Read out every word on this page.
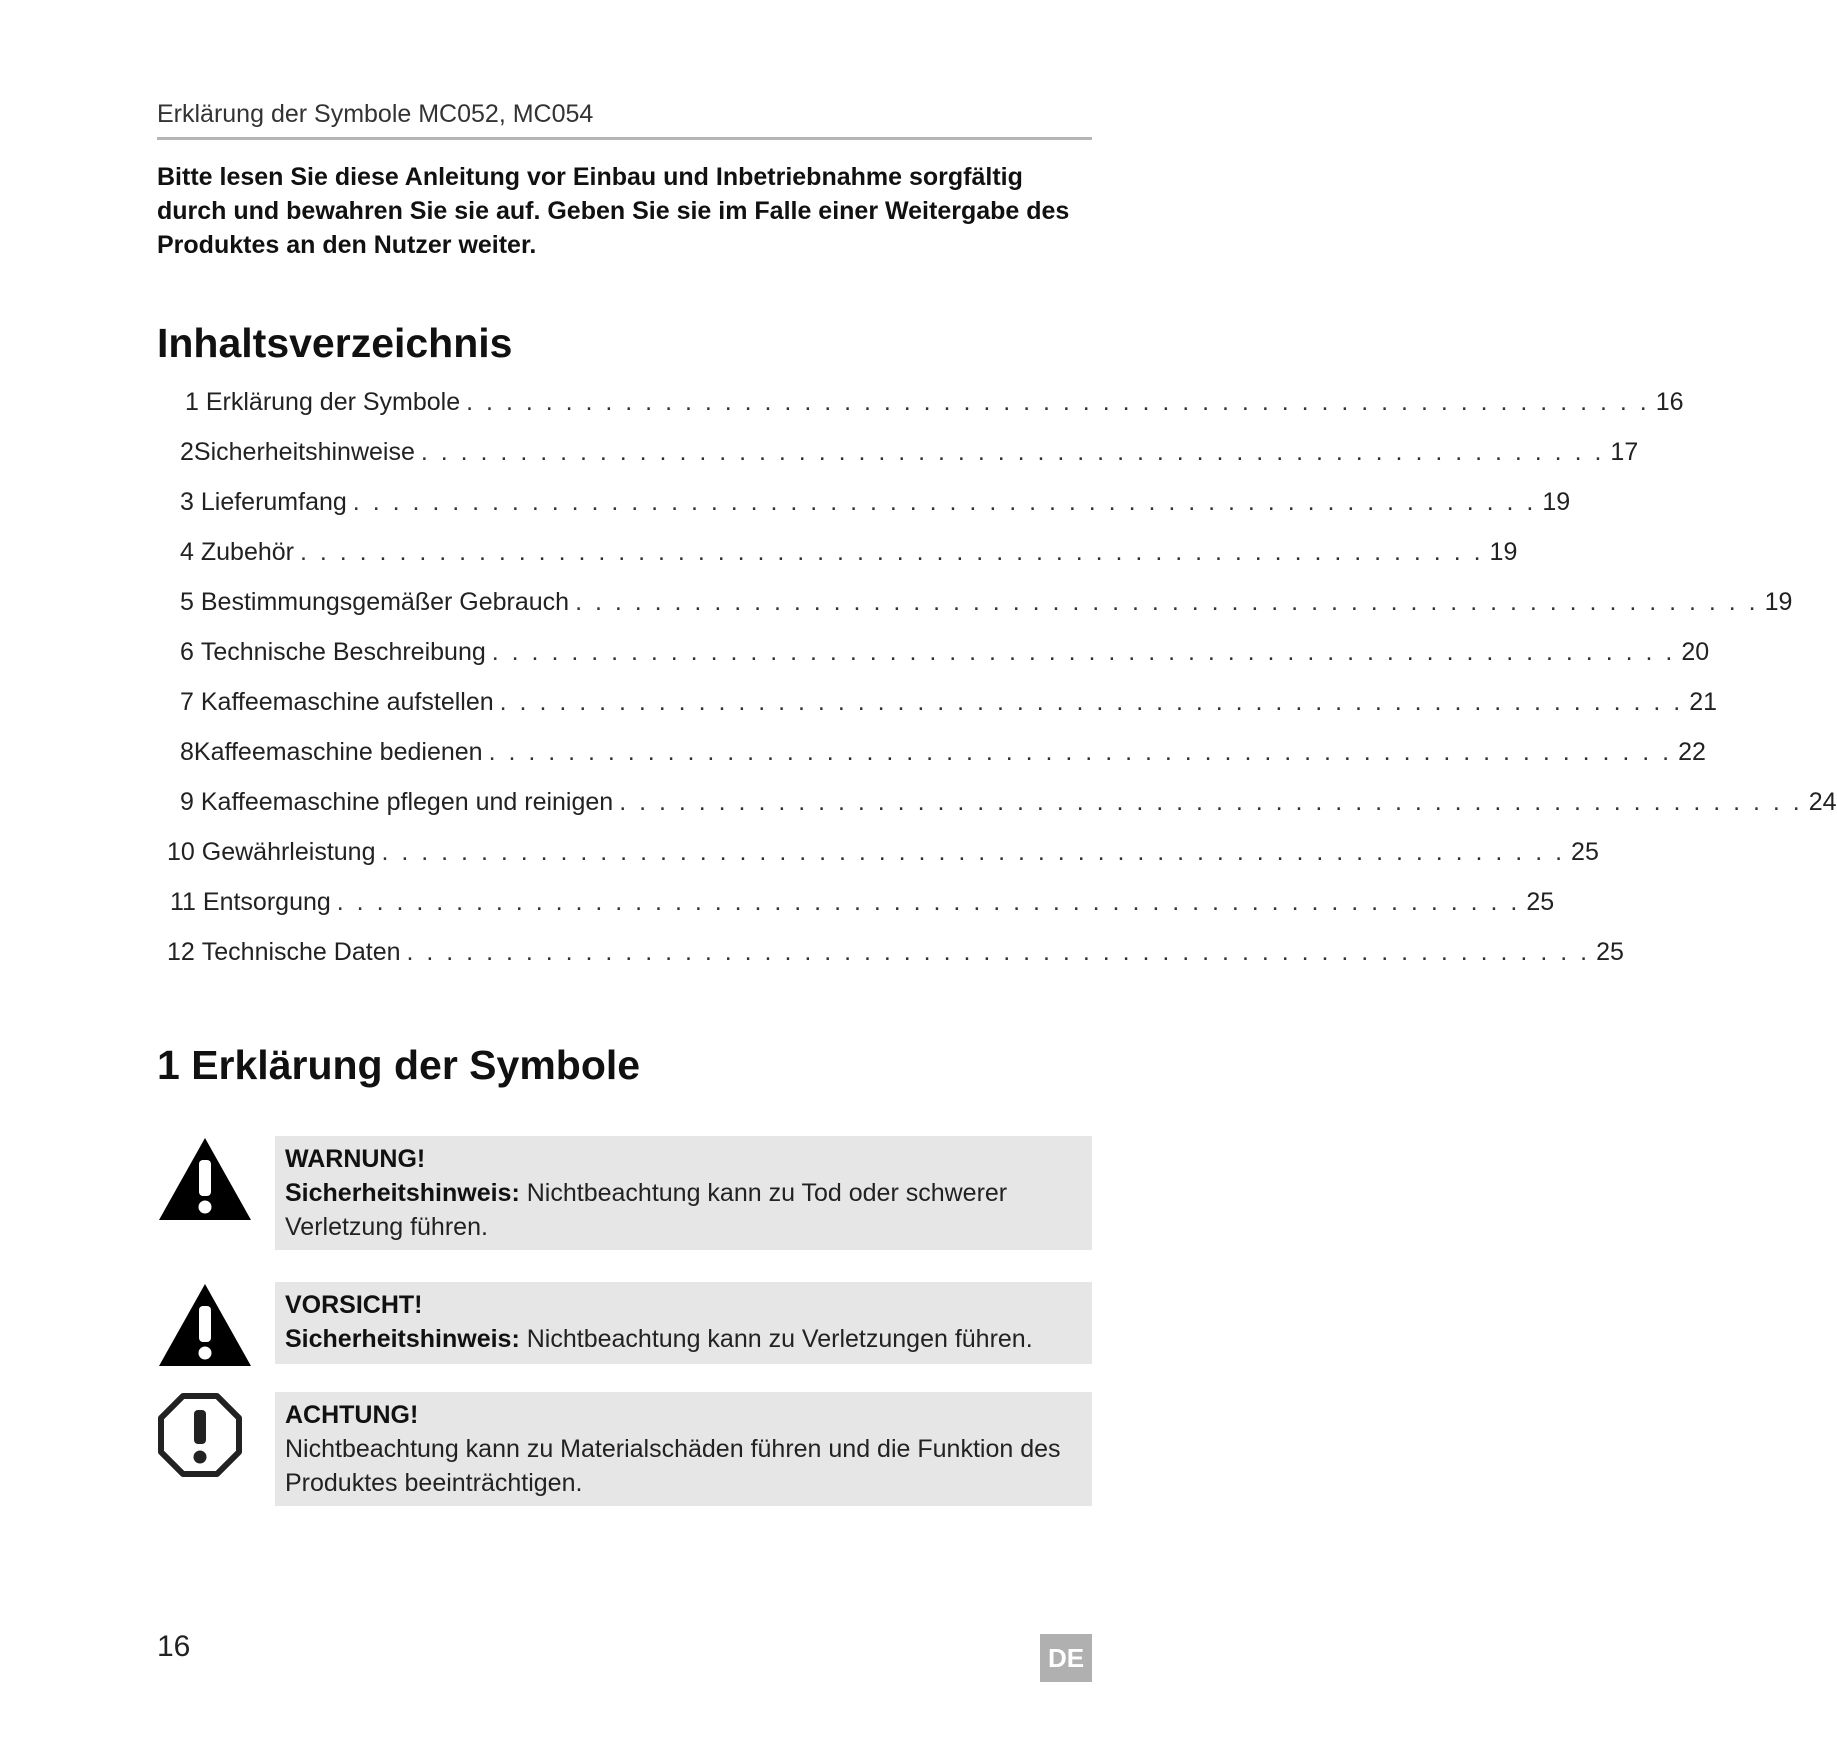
Erklärung der Symbole MC052, MC054
Bitte lesen Sie diese Anleitung vor Einbau und Inbetriebnahme sorgfältig durch und bewahren Sie sie auf. Geben Sie sie im Falle einer Weitergabe des Produktes an den Nutzer weiter.
Inhaltsverzeichnis
1
Erklärung der Symbole . . . . . . . . . . . . . . . . . . . . . . . . . . . . . . . . . . . . . . . . . . . . . . . . . . . . . . . . . . . . 16
2 Sicherheitshinweise . . . . . . . . . . . . . . . . . . . . . . . . . . . . . . . . . . . . . . . . . . . . . . . . . . . . . . . . . . . . 17
3
Lieferumfang . . . . . . . . . . . . . . . . . . . . . . . . . . . . . . . . . . . . . . . . . . . . . . . . . . . . . . . . . . . . 19
4
Zubehör . . . . . . . . . . . . . . . . . . . . . . . . . . . . . . . . . . . . . . . . . . . . . . . . . . . . . . . . . . . . 19
5
Bestimmungsgemäßer Gebrauch . . . . . . . . . . . . . . . . . . . . . . . . . . . . . . . . . . . . . . . . . . . . . . . . . . . . . . . . . . . . 19
6
Technische Beschreibung . . . . . . . . . . . . . . . . . . . . . . . . . . . . . . . . . . . . . . . . . . . . . . . . . . . . . . . . . . . . 20
7
Kaffeemaschine aufstellen . . . . . . . . . . . . . . . . . . . . . . . . . . . . . . . . . . . . . . . . . . . . . . . . . . . . . . . . . . . . 21
8 Kaffeemaschine bedienen . . . . . . . . . . . . . . . . . . . . . . . . . . . . . . . . . . . . . . . . . . . . . . . . . . . . . . . . . . . . 22
9
Kaffeemaschine pflegen und reinigen . . . . . . . . . . . . . . . . . . . . . . . . . . . . . . . . . . . . . . . . . . . . . . . . . . . . . . . . . . . . 24
10
Gewährleistung . . . . . . . . . . . . . . . . . . . . . . . . . . . . . . . . . . . . . . . . . . . . . . . . . . . . . . . . . . . . 25
11
Entsorgung . . . . . . . . . . . . . . . . . . . . . . . . . . . . . . . . . . . . . . . . . . . . . . . . . . . . . . . . . . . . 25
12
Technische Daten . . . . . . . . . . . . . . . . . . . . . . . . . . . . . . . . . . . . . . . . . . . . . . . . . . . . . . . . . . . . 25
1 Erklärung der Symbole
WARNUNG!
Sicherheitshinweis: Nichtbeachtung kann zu Tod oder schwerer Verletzung führen.
VORSICHT!
Sicherheitshinweis: Nichtbeachtung kann zu Verletzungen führen.
ACHTUNG!
Nichtbeachtung kann zu Materialschäden führen und die Funktion des Produktes beeinträchtigen.
16	DE
